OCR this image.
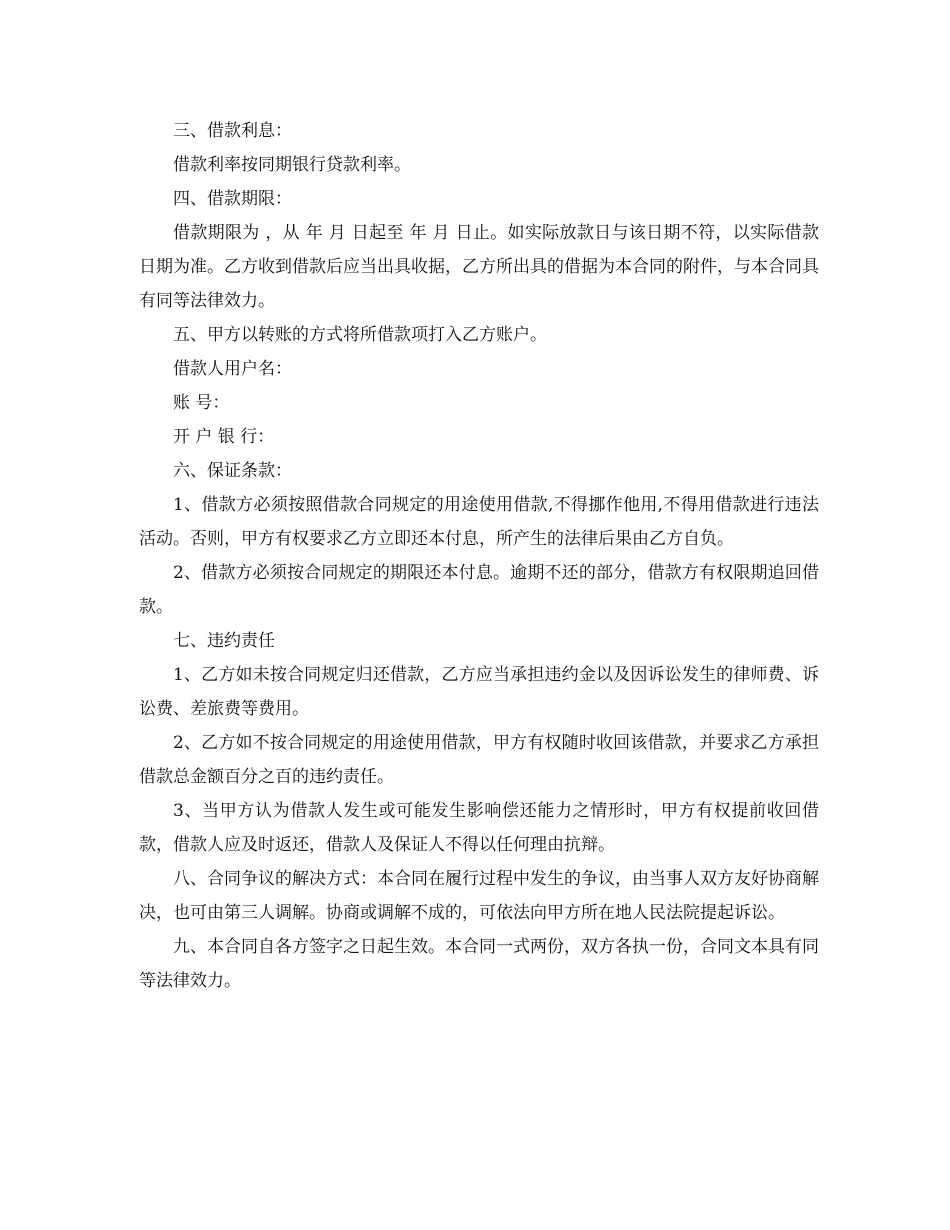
三、借款利息：

借款利率按同期银行贷款利率。

四、借款期限：

借款期限为 ，从 年 月 日起至 年 月 日止。如实际放款日与该日期不符，以实际借款日期为准。乙方收到借款后应当出具收据，乙方所出具的借据为本合同的附件，与本合同具有同等法律效力。

五、甲方以转账的方式将所借款项打入乙方账户。

借款人用户名：

账 号：

开 户 银 行：

六、保证条款：

1、借款方必须按照借款合同规定的用途使用借款,不得挪作他用,不得用借款进行违法活动。否则，甲方有权要求乙方立即还本付息，所产生的法律后果由乙方自负。

2、借款方必须按合同规定的期限还本付息。逾期不还的部分，借款方有权限期追回借款。

七、违约责任

1、乙方如未按合同规定归还借款，乙方应当承担违约金以及因诉讼发生的律师费、诉讼费、差旅费等费用。

2、乙方如不按合同规定的用途使用借款，甲方有权随时收回该借款，并要求乙方承担借款总金额百分之百的违约责任。

3、当甲方认为借款人发生或可能发生影响偿还能力之情形时，甲方有权提前收回借款，借款人应及时返还，借款人及保证人不得以任何理由抗辩。

八、合同争议的解决方式：本合同在履行过程中发生的争议，由当事人双方友好协商解决，也可由第三人调解。协商或调解不成的，可依法向甲方所在地人民法院提起诉讼。

九、本合同自各方签字之日起生效。本合同一式两份，双方各执一份，合同文本具有同等法律效力。
